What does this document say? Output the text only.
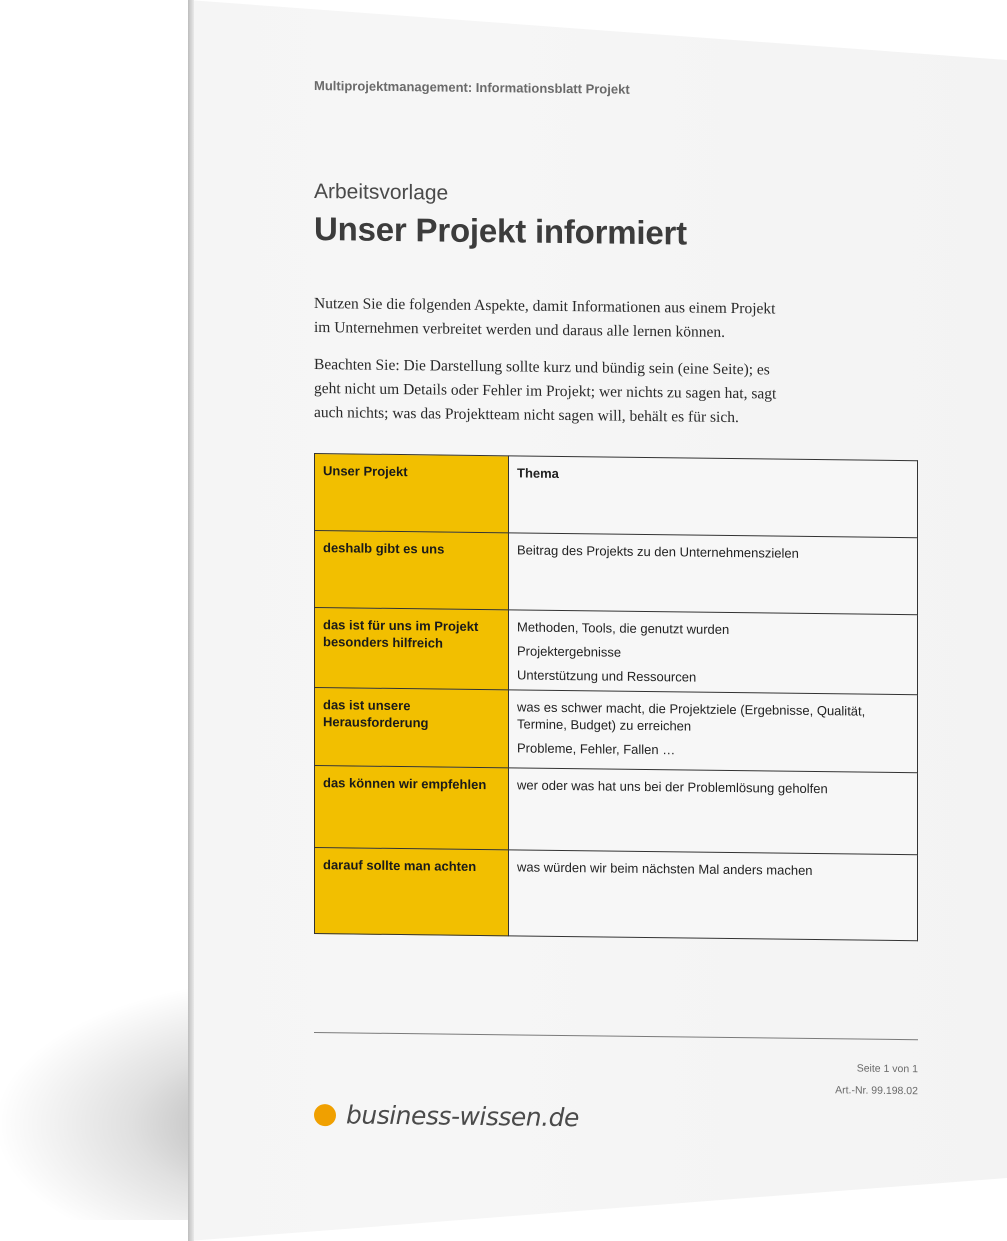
Multiprojektmanagement: Informationsblatt Projekt
Arbeitsvorlage
Unser Projekt informiert
Nutzen Sie die folgenden Aspekte, damit Informationen aus einem Projekt im Unternehmen verbreitet werden und daraus alle lernen können.
Beachten Sie: Die Darstellung sollte kurz und bündig sein (eine Seite); es geht nicht um Details oder Fehler im Projekt; wer nichts zu sagen hat, sagt auch nichts; was das Projektteam nicht sagen will, behält es für sich.
Unser Projekt	Thema

deshalb gibt es uns	Beitrag des Projekts zu den Unternehmenszielen

das ist für uns im Projekt besonders hilfreich	Methoden, Tools, die genutzt wurden
Projektergebnisse
Unterstützung und Ressourcen

das ist unsere Herausforderung	was es schwer macht, die Projektziele (Ergebnisse, Qualität, Termine, Budget) zu erreichen
Probleme, Fehler, Fallen …

das können wir empfehlen	wer oder was hat uns bei der Problemlösung geholfen

darauf sollte man achten	was würden wir beim nächsten Mal anders machen
Seite 1 von 1
Art.-Nr. 99.198.02
business-wissen.de
